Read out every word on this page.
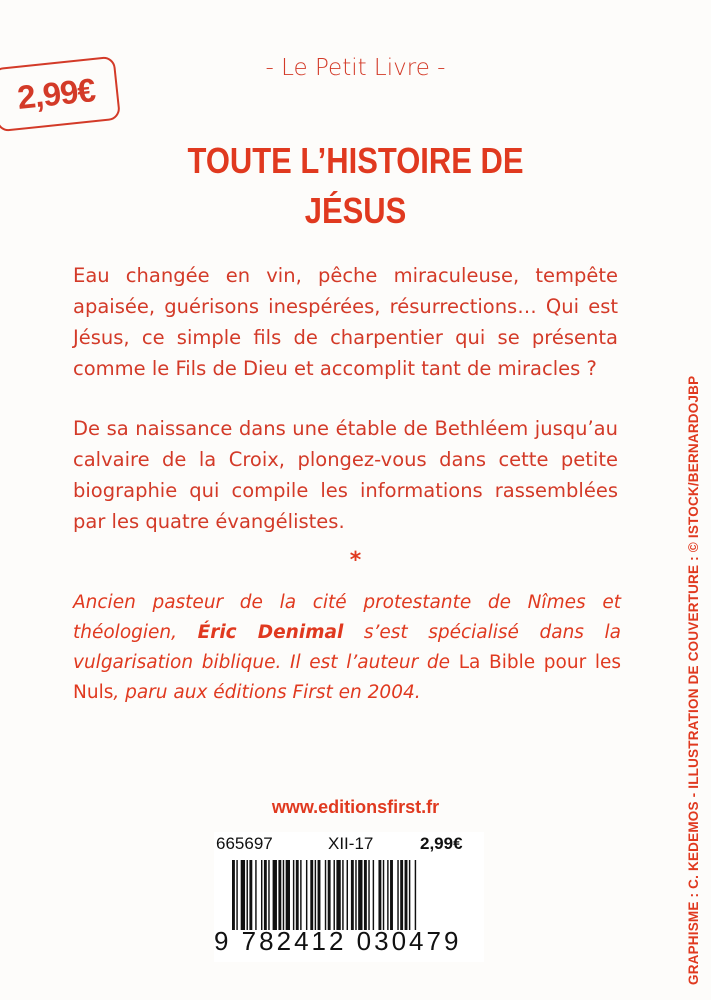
2,99€
- Le Petit Livre -
TOUTE L’HISTOIRE DE
JÉSUS
Eau changée en vin, pêche miraculeuse, tempête apaisée, guérisons inespérées, résurrections… Qui est Jésus, ce simple fils de charpentier qui se présenta comme le Fils de Dieu et accomplit tant de miracles ?
De sa naissance dans une étable de Bethléem jusqu’au calvaire de la Croix, plongez-vous dans cette petite biographie qui compile les informations rassemblées par les quatre évangélistes.
*
Ancien pasteur de la cité protestante de Nîmes et théologien, Éric Denimal s’est spécialisé dans la vulgarisation biblique. Il est l’auteur de La Bible pour les Nuls, paru aux éditions First en 2004.
www.editionsfirst.fr
665697	XII-17	2,99€
9 782412 030479	GRAPHISME : C. KEDEMOS - ILLUSTRATION DE COUVERTURE : © ISTOCK/BERNARDOJBP
